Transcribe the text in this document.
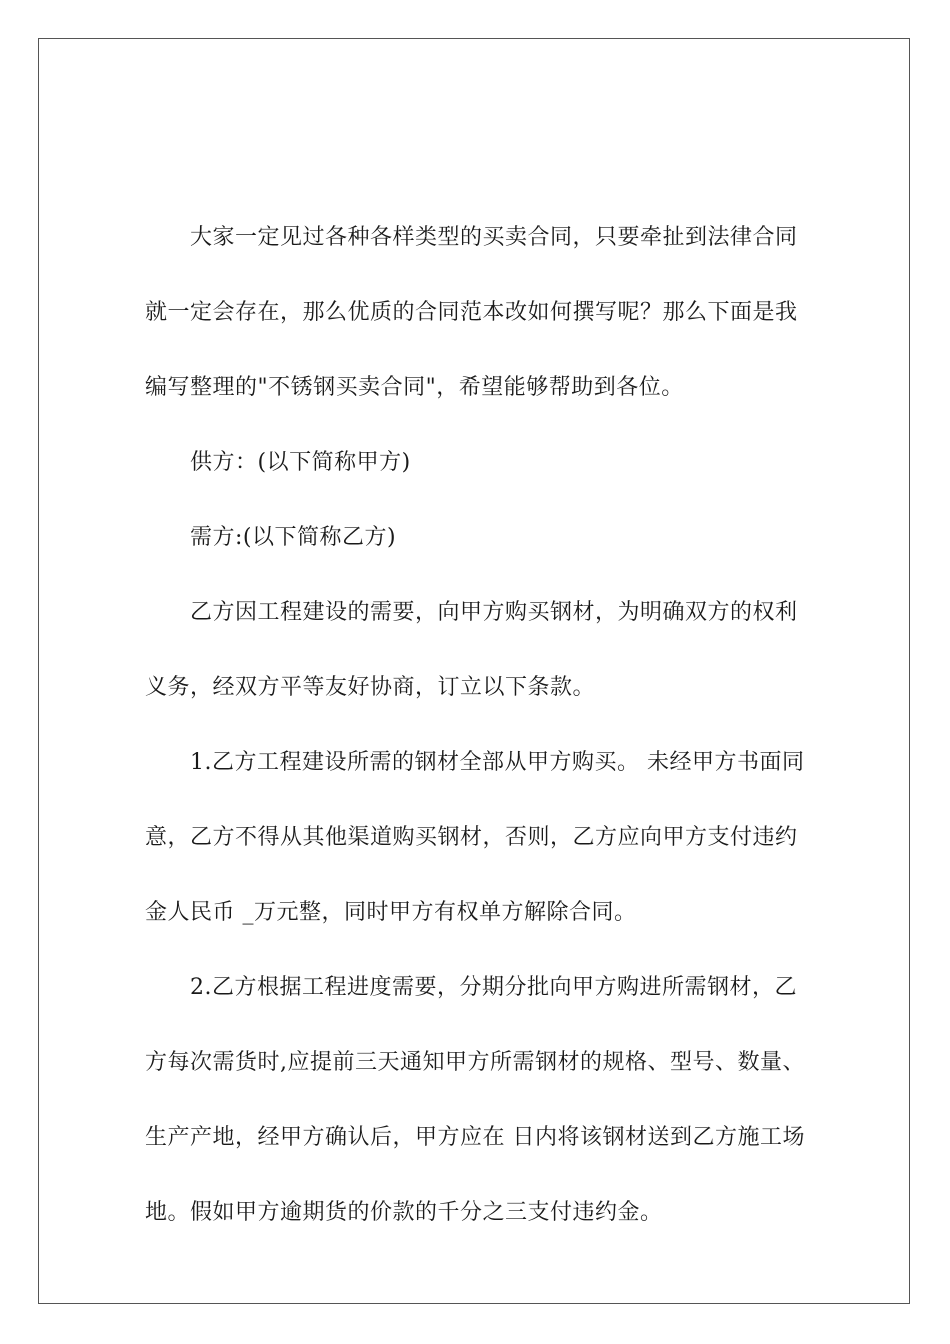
大家一定见过各种各样类型的买卖合同，只要牵扯到法律合同
就一定会存在，那么优质的合同范本改如何撰写呢？那么下面是我
编写整理的"不锈钢买卖合同"，希望能够帮助到各位。
供方：(以下简称甲方)
需方:(以下简称乙方)
乙方因工程建设的需要，向甲方购买钢材，为明确双方的权利
义务，经双方平等友好协商，订立以下条款。
1.乙方工程建设所需的钢材全部从甲方购买。 未经甲方书面同
意，乙方不得从其他渠道购买钢材，否则，乙方应向甲方支付违约
金人民币 _万元整，同时甲方有权单方解除合同。
2.乙方根据工程进度需要，分期分批向甲方购进所需钢材，乙
方每次需货时,应提前三天通知甲方所需钢材的规格、型号、数量、
生产产地，经甲方确认后，甲方应在 日内将该钢材送到乙方施工场
地。假如甲方逾期货的价款的千分之三支付违约金。
